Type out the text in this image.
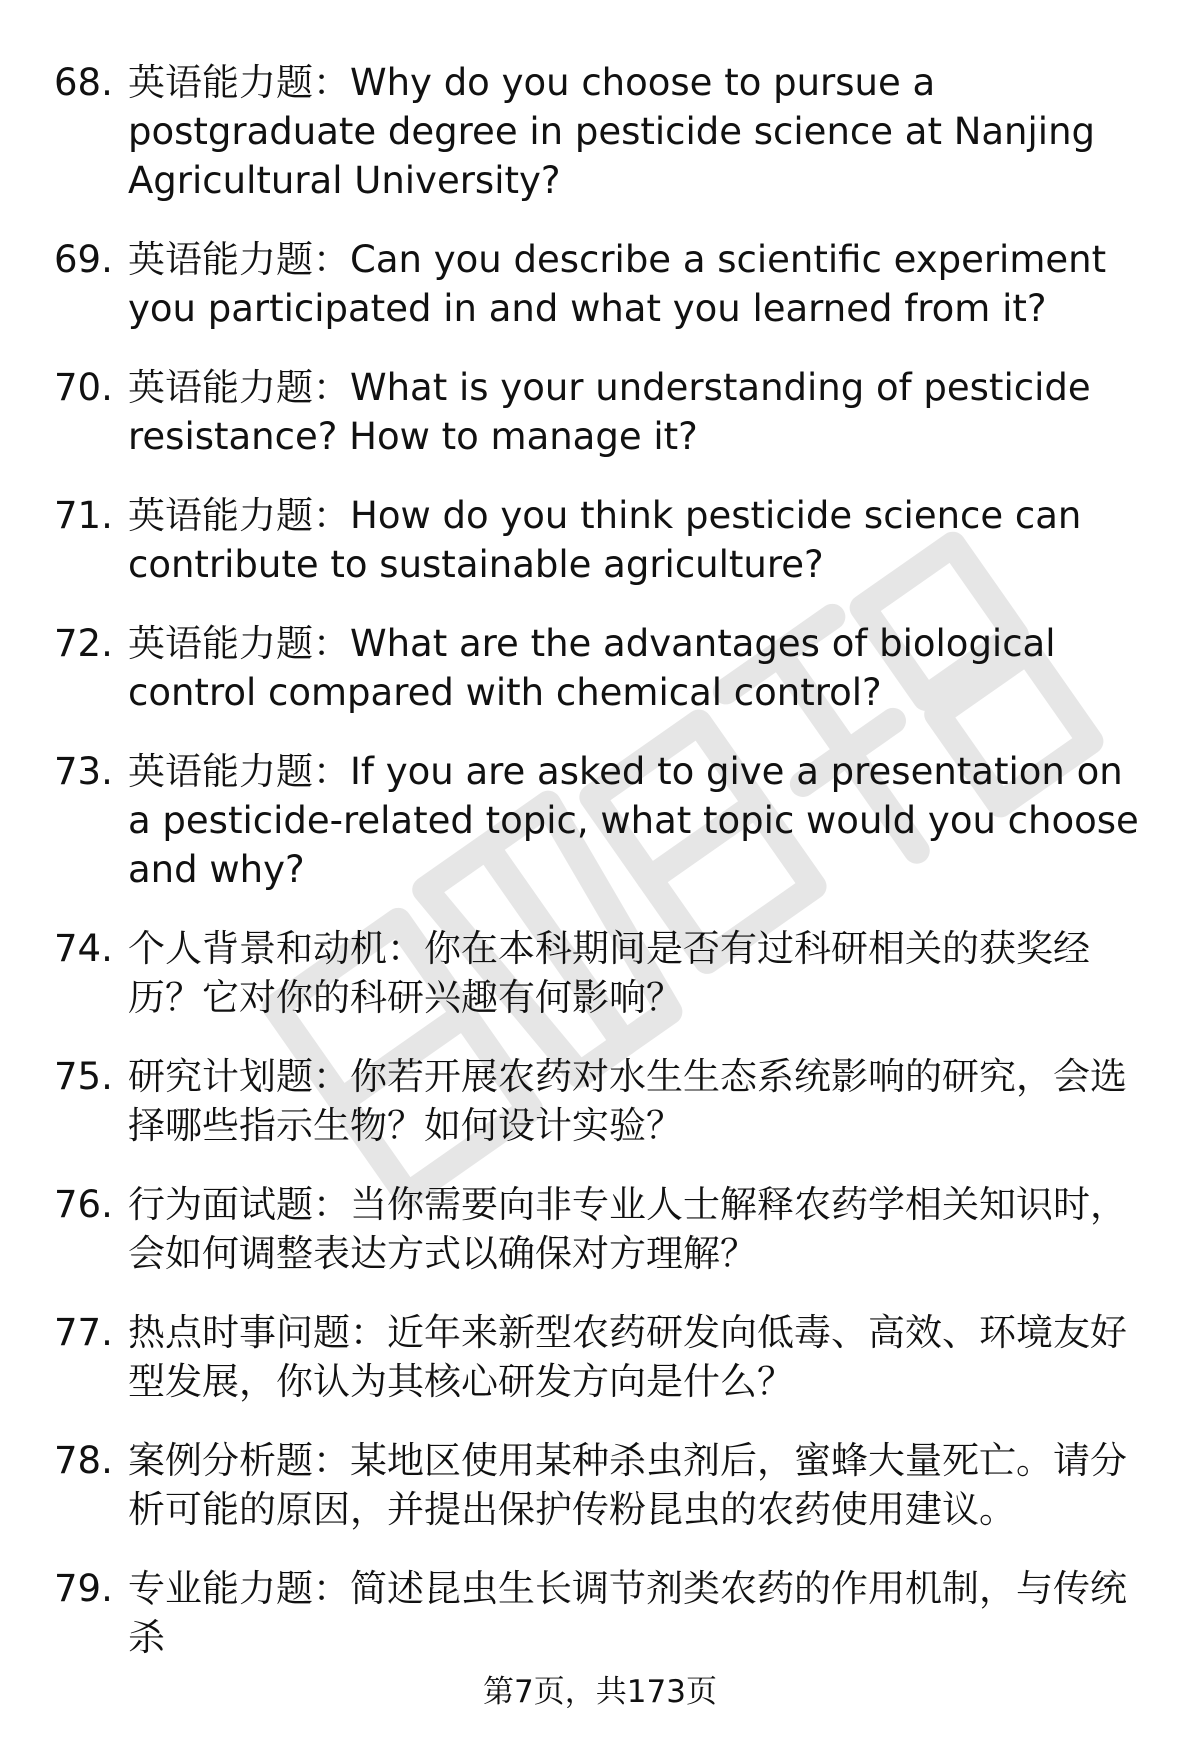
68. 英语能力题：Why do you choose to pursue a postgraduate degree in pesticide science at Nanjing Agricultural University?
69. 英语能力题：Can you describe a scientific experiment you participated in and what you learned from it?
70. 英语能力题：What is your understanding of pesticide resistance? How to manage it?
71. 英语能力题：How do you think pesticide science can contribute to sustainable agriculture?
72. 英语能力题：What are the advantages of biological control compared with chemical control?
73. 英语能力题：If you are asked to give a presentation on a pesticide-related topic, what topic would you choose and why?
74. 个人背景和动机：你在本科期间是否有过科研相关的获奖经历？它对你的科研兴趣有何影响？
75. 研究计划题：你若开展农药对水生生态系统影响的研究，会选择哪些指示生物？如何设计实验？
76. 行为面试题：当你需要向非专业人士解释农药学相关知识时，会如何调整表达方式以确保对方理解？
77. 热点时事问题：近年来新型农药研发向低毒、高效、环境友好型发展，你认为其核心研发方向是什么？
78. 案例分析题：某地区使用某种杀虫剂后，蜜蜂大量死亡。请分析可能的原因，并提出保护传粉昆虫的农药使用建议。
79. 专业能力题：简述昆虫生长调节剂类农药的作用机制，与传统杀
第7页，共173页
